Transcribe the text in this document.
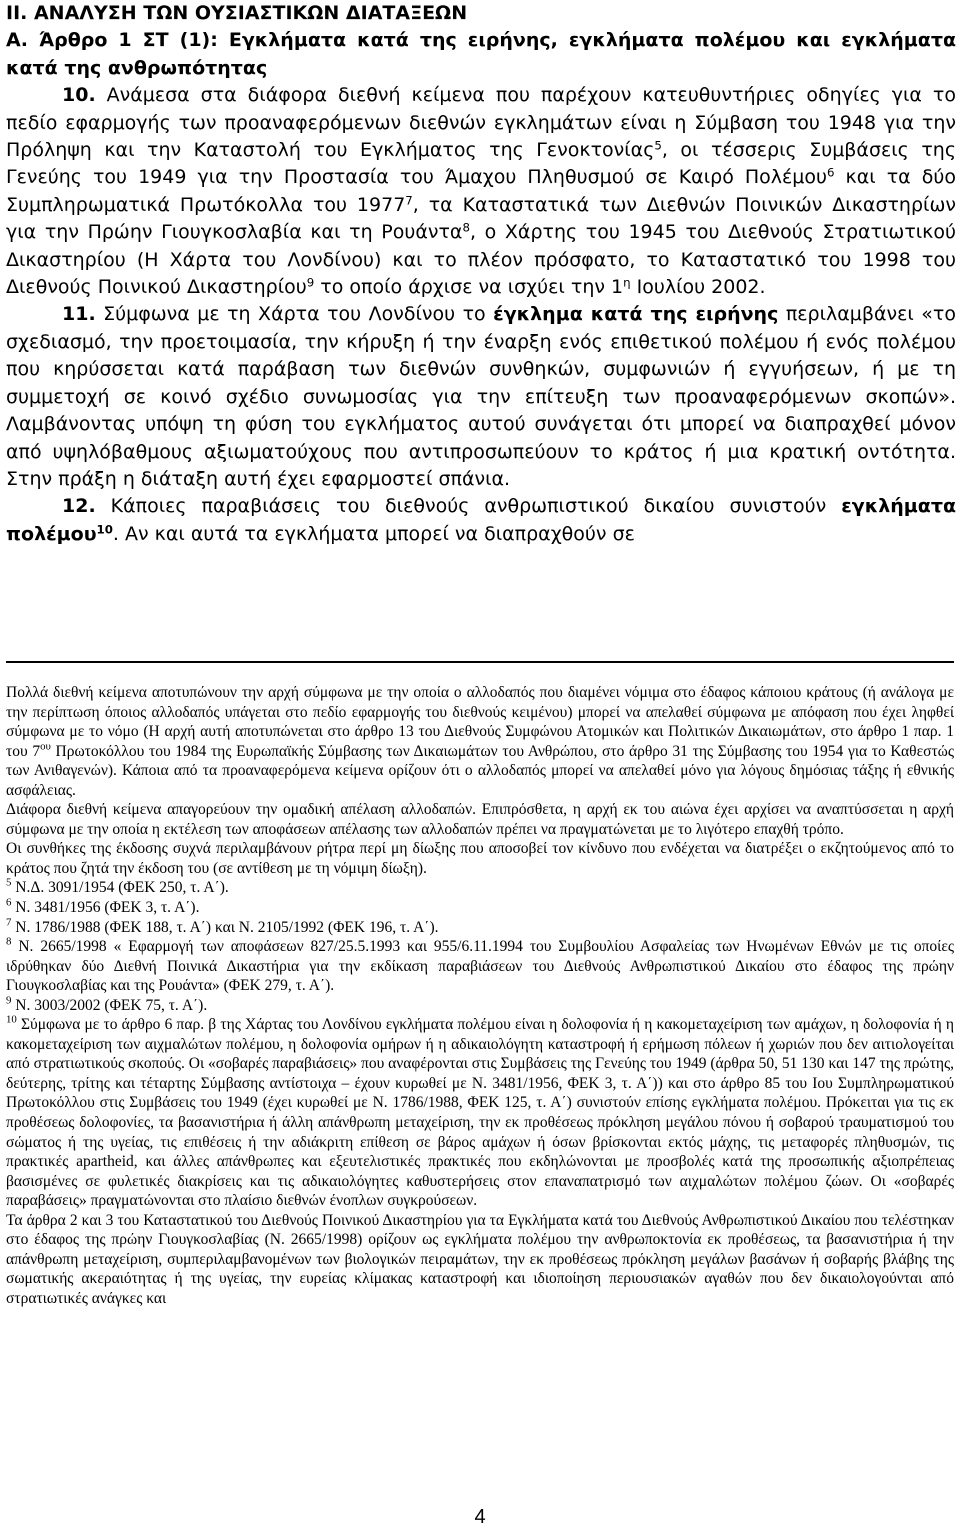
ΙΙ. ΑΝΑΛΥΣΗ ΤΩΝ ΟΥΣΙΑΣΤΙΚΩΝ ΔΙΑΤΑΞΕΩΝ

Α. Άρθρο 1 ΣΤ (1): Εγκλήματα κατά της ειρήνης, εγκλήματα πολέμου και εγκλήματα κατά της ανθρωπότητας

10. Ανάμεσα στα διάφορα διεθνή κείμενα που παρέχουν κατευθυντήριες οδηγίες για το πεδίο εφαρμογής των προαναφερόμενων διεθνών εγκλημάτων είναι η Σύμβαση του 1948 για την Πρόληψη και την Καταστολή του Εγκλήματος της Γενοκτονίας$^5$, οι τέσσερις Συμβάσεις της Γενεύης του 1949 για την Προστασία του Άμαχου Πληθυσμού σε Καιρό Πολέμου$^6$ και τα δύο Συμπληρωματικά Πρωτόκολλα του 1977$^7$, τα Καταστατικά των Διεθνών Ποινικών Δικαστηρίων για την Πρώην Γιουγκοσλαβία και τη Ρουάντα$^8$, ο Χάρτης του 1945 του Διεθνούς Στρατιωτικού Δικαστηρίου (Η Χάρτα του Λονδίνου) και το πλέον πρόσφατο, το Καταστατικό του 1998 του Διεθνούς Ποινικού Δικαστηρίου$^9$ το οποίο άρχισε να ισχύει την $1^\eta$ Ιουλίου 2002.

11. Σύμφωνα με τη Χάρτα του Λονδίνου το έγκλημα κατά της ειρήνης περιλαμβάνει «το σχεδιασμό, την προετοιμασία, την κήρυξη ή την έναρξη ενός επιθετικού πολέμου ή ενός πολέμου που κηρύσσεται κατά παράβαση των διεθνών συνθηκών, συμφωνιών ή εγγυήσεων, ή με τη συμμετοχή σε κοινό σχέδιο συνωμοσίας για την επίτευξη των προαναφερόμενων σκοπών». Λαμβάνοντας υπόψη τη φύση του εγκλήματος αυτού συνάγεται ότι μπορεί να διαπραχθεί μόνον από υψηλόβαθμους αξιωματούχους που αντιπροσωπεύουν το κράτος ή μια κρατική οντότητα. Στην πράξη η διάταξη αυτή έχει εφαρμοστεί σπάνια.

12. Κάποιες παραβιάσεις του διεθνούς ανθρωπιστικού δικαίου συνιστούν εγκλήματα πολέμου$^{10}$. Αν και αυτά τα εγκλήματα μπορεί να διαπραχθούν σε

Πολλά διεθνή κείμενα αποτυπώνουν την αρχή σύμφωνα με την οποία ο αλλοδαπός που διαμένει νόμιμα στο έδαφος κάποιου κράτους (ή ανάλογα με την περίπτωση όποιος αλλοδαπός υπάγεται στο πεδίο εφαρμογής του διεθνούς κειμένου) μπορεί να απελαθεί σύμφωνα με απόφαση που έχει ληφθεί σύμφωνα με το νόμο (Η αρχή αυτή αποτυπώνεται στο άρθρο 13 του Διεθνούς Συμφώνου Ατομικών και Πολιτικών Δικαιωμάτων, στο άρθρο 1 παρ. 1 του $7^{o\upsilon}$ Πρωτοκόλλου του 1984 της Ευρωπαϊκής Σύμβασης των Δικαιωμάτων του Ανθρώπου, στο άρθρο 31 της Σύμβασης του 1954 για το Καθεστώς των Ανιθαγενών). Κάποια από τα προαναφερόμενα κείμενα ορίζουν ότι ο αλλοδαπός μπορεί να απελαθεί μόνο για λόγους δημόσιας τάξης ή εθνικής ασφάλειας.

Διάφορα διεθνή κείμενα απαγορεύουν την ομαδική απέλαση αλλοδαπών. Επιπρόσθετα, η αρχή εκ του αιώνα έχει αρχίσει να αναπτύσσεται η αρχή σύμφωνα με την οποία η εκτέλεση των αποφάσεων απέλασης των αλλοδαπών πρέπει να πραγματώνεται με το λιγότερο επαχθή τρόπο.

Οι συνθήκες της έκδοσης συχνά περιλαμβάνουν ρήτρα περί μη δίωξης που αποσοβεί τον κίνδυνο που ενδέχεται να διατρέξει ο εκζητούμενος από το κράτος που ζητά την έκδοση του (σε αντίθεση με τη νόμιμη δίωξη).

$^5$ Ν.Δ. 3091/1954 (ΦΕΚ 250, τ. Α΄).

$^6$ Ν. 3481/1956 (ΦΕΚ 3, τ. Α΄).

$^7$ Ν. 1786/1988 (ΦΕΚ 188, τ. Α΄) και Ν. 2105/1992 (ΦΕΚ 196, τ. Α΄).

$^8$ Ν. 2665/1998 « Εφαρμογή των αποφάσεων 827/25.5.1993 και 955/6.11.1994 του Συμβουλίου Ασφαλείας των Ηνωμένων Εθνών με τις οποίες ιδρύθηκαν δύο Διεθνή Ποινικά Δικαστήρια για την εκδίκαση παραβιάσεων του Διεθνούς Ανθρωπιστικού Δικαίου στο έδαφος της πρώην Γιουγκοσλαβίας και της Ρουάντα» (ΦΕΚ 279, τ. Α΄).

$^9$ Ν. 3003/2002 (ΦΕΚ 75, τ. Α΄).

$^{10}$ Σύμφωνα με το άρθρο 6 παρ. β της Χάρτας του Λονδίνου εγκλήματα πολέμου είναι η δολοφονία ή η κακομεταχείριση των αμάχων, η δολοφονία ή η κακομεταχείριση των αιχμαλώτων πολέμου, η δολοφονία ομήρων ή η αδικαιολόγητη καταστροφή ή ερήμωση πόλεων ή χωριών που δεν αιτιολογείται από στρατιωτικούς σκοπούς. Οι «σοβαρές παραβιάσεις» που αναφέρονται στις Συμβάσεις της Γενεύης του 1949 (άρθρα 50, 51 130 και 147 της πρώτης, δεύτερης, τρίτης και τέταρτης Σύμβασης αντίστοιχα – έχουν κυρωθεί με Ν. 3481/1956, ΦΕΚ 3, τ. Α΄)) και στο άρθρο 85 του Ιου Συμπληρωματικού Πρωτοκόλλου στις Συμβάσεις του 1949 (έχει κυρωθεί με Ν. 1786/1988, ΦΕΚ 125, τ. Α΄) συνιστούν επίσης εγκλήματα πολέμου. Πρόκειται για τις εκ προθέσεως δολοφονίες, τα βασανιστήρια ή άλλη απάνθρωπη μεταχείριση, την εκ προθέσεως πρόκληση μεγάλου πόνου ή σοβαρού τραυματισμού του σώματος ή της υγείας, τις επιθέσεις ή την αδιάκριτη επίθεση σε βάρος αμάχων ή όσων βρίσκονται εκτός μάχης, τις μεταφορές πληθυσμών, τις πρακτικές apartheid, και άλλες απάνθρωπες και εξευτελιστικές πρακτικές που εκδηλώνονται με προσβολές κατά της προσωπικής αξιοπρέπειας βασισμένες σε φυλετικές διακρίσεις και τις αδικαιολόγητες καθυστερήσεις στον επαναπατρισμό των αιχμαλώτων πολέμου ζώων. Οι «σοβαρές παραβάσεις» πραγματώνονται στο πλαίσιο διεθνών ένοπλων συγκρούσεων.

Τα άρθρα 2 και 3 του Καταστατικού του Διεθνούς Ποινικού Δικαστηρίου για τα Εγκλήματα κατά του Διεθνούς Ανθρωπιστικού Δικαίου που τελέστηκαν στο έδαφος της πρώην Γιουγκοσλαβίας (Ν. 2665/1998) ορίζουν ως εγκλήματα πολέμου την ανθρωποκτονία εκ προθέσεως, τα βασανιστήρια ή την απάνθρωπη μεταχείριση, συμπεριλαμβανομένων των βιολογικών πειραμάτων, την εκ προθέσεως πρόκληση μεγάλων βασάνων ή σοβαρής βλάβης της σωματικής ακεραιότητας ή της υγείας, την ευρείας κλίμακας καταστροφή και ιδιοποίηση περιουσιακών αγαθών που δεν δικαιολογούνται από στρατιωτικές ανάγκες και

4
